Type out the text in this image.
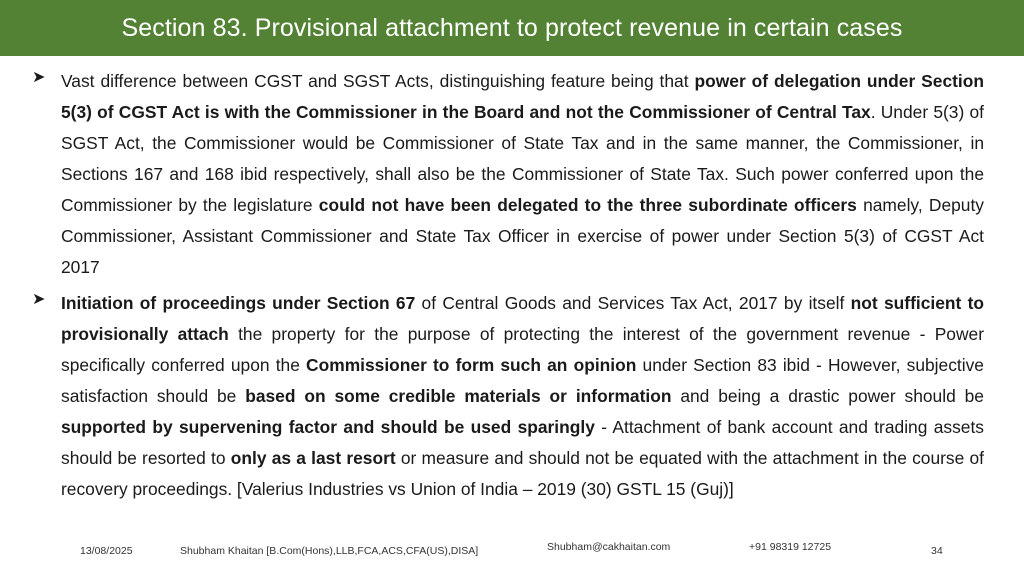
Section 83. Provisional attachment to protect revenue in certain cases
➤ Vast difference between CGST and SGST Acts, distinguishing feature being that power of delegation under Section 5(3) of CGST Act is with the Commissioner in the Board and not the Commissioner of Central Tax. Under 5(3) of SGST Act, the Commissioner would be Commissioner of State Tax and in the same manner, the Commissioner, in Sections 167 and 168 ibid respectively, shall also be the Commissioner of State Tax. Such power conferred upon the Commissioner by the legislature could not have been delegated to the three subordinate officers namely, Deputy Commissioner, Assistant Commissioner and State Tax Officer in exercise of power under Section 5(3) of CGST Act 2017
➤ Initiation of proceedings under Section 67 of Central Goods and Services Tax Act, 2017 by itself not sufficient to provisionally attach the property for the purpose of protecting the interest of the government revenue - Power specifically conferred upon the Commissioner to form such an opinion under Section 83 ibid - However, subjective satisfaction should be based on some credible materials or information and being a drastic power should be supported by supervening factor and should be used sparingly - Attachment of bank account and trading assets should be resorted to only as a last resort or measure and should not be equated with the attachment in the course of recovery proceedings. [Valerius Industries vs Union of India – 2019 (30) GSTL 15 (Guj)]
13/08/2025	Shubham Khaitan [B.Com(Hons),LLB,FCA,ACS,CFA(US),DISA]	Shubham@cakhaitan.com	+91 98319 12725	34
